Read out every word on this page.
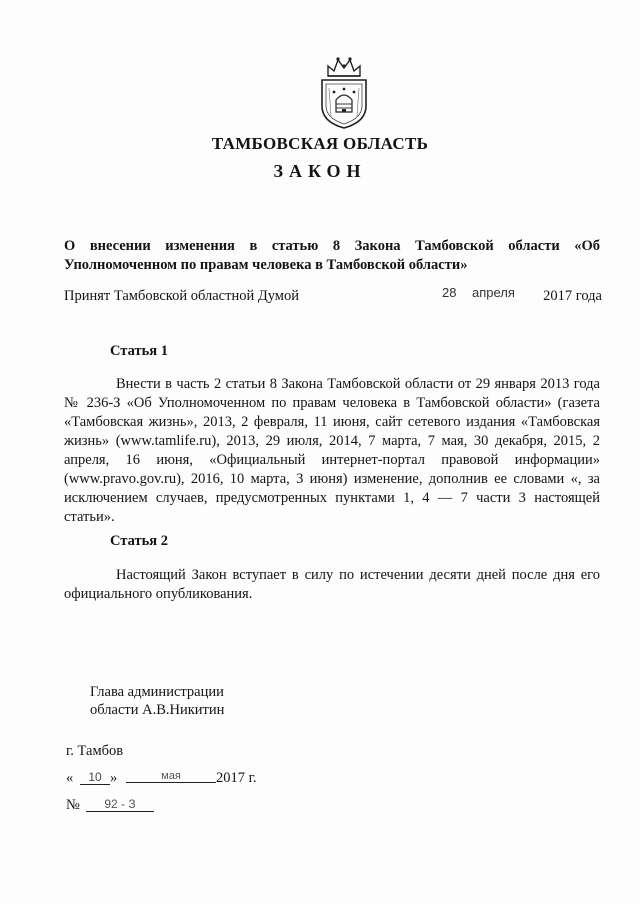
ТАМБОВСКАЯ ОБЛАСТЬ
ЗАКОН
О внесении изменения в статью 8 Закона Тамбовской области «Об Уполномоченном по правам человека в Тамбовской области»
Принят Тамбовской областной Думой	28 апреля 2017 года
Статья 1
Внести в часть 2 статьи 8 Закона Тамбовской области от 29 января 2013 года № 236-З «Об Уполномоченном по правам человека в Тамбовской области» (газета «Тамбовская жизнь», 2013, 2 февраля, 11 июня, сайт сетевого издания «Тамбовская жизнь» (www.tamlife.ru), 2013, 29 июля, 2014, 7 марта, 7 мая, 30 декабря, 2015, 2 апреля, 16 июня, «Официальный интернет-портал правовой информации» (www.pravo.gov.ru), 2016, 10 марта, 3 июня) изменение, дополнив ее словами «, за исключением случаев, предусмотренных пунктами 1, 4 — 7 части 3 настоящей статьи».
Статья 2
Настоящий Закон вступает в силу по истечении десяти дней после дня его официального опубликования.
Глава администрации
области А.В.Никитин
г. Тамбов
«	10 »	мая	2017 г.
№	92 - З
